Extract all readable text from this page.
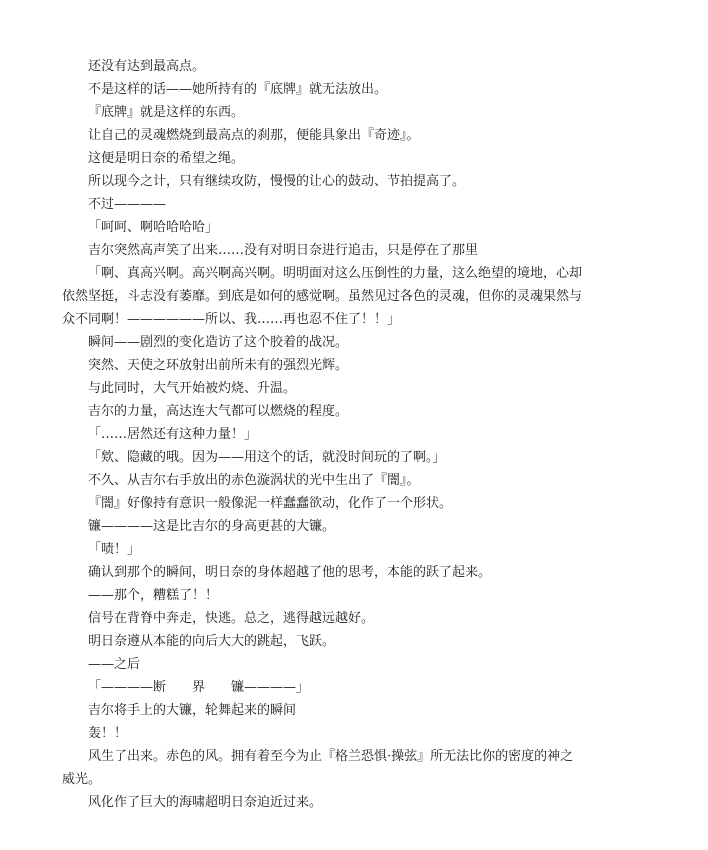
还没有达到最高点。

不是这样的话——她所持有的『底牌』就无法放出。

『底牌』就是这样的东西。

让自己的灵魂燃烧到最高点的刹那，便能具象出『奇迹』。

这便是明日奈的希望之绳。

所以现今之计，只有继续攻防，慢慢的让心的鼓动、节拍提高了。

不过————

「呵呵、啊哈哈哈哈」

吉尔突然高声笑了出来……没有对明日奈进行追击，只是停在了那里

「啊、真高兴啊。高兴啊高兴啊。明明面对这么压倒性的力量，这么绝望的境地，心却依然坚挺，斗志没有萎靡。到底是如何的感觉啊。虽然见过各色的灵魂，但你的灵魂果然与众不同啊！——————所以、我……再也忍不住了！！」

瞬间——剧烈的变化造访了这个胶着的战况。

突然、天使之环放射出前所未有的强烈光辉。

与此同时，大气开始被灼烧、升温。

吉尔的力量，高达连大气都可以燃烧的程度。

「……居然还有这种力量！」

「欸、隐藏的哦。因为——用这个的话，就没时间玩的了啊。」

不久、从吉尔右手放出的赤色漩涡状的光中生出了『闇』。

『闇』好像持有意识一般像泥一样蠢蠢欲动，化作了一个形状。

镰————这是比吉尔的身高更甚的大镰。

「啧！」

确认到那个的瞬间，明日奈的身体超越了他的思考，本能的跃了起来。

——那个，糟糕了！！

信号在背脊中奔走，快逃。总之，逃得越远越好。

明日奈遵从本能的向后大大的跳起，飞跃。

——之后

「————断　　界　　镰————」

吉尔将手上的大镰，轮舞起来的瞬间

轰！！

风生了出来。赤色的风。拥有着至今为止『格兰恐惧·操弦』所无法比你的密度的神之威光。

风化作了巨大的海啸超明日奈迫近过来。
